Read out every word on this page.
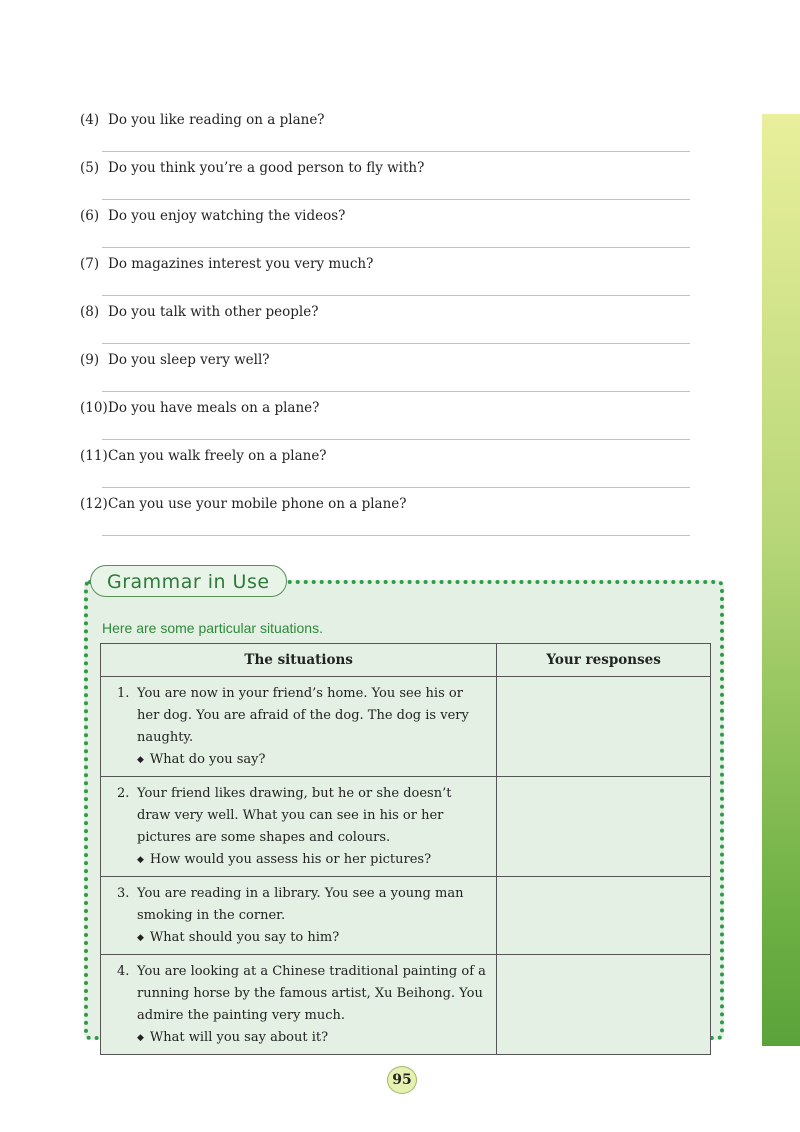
(4) Do you like reading on a plane?
(5) Do you think you’re a good person to fly with?
(6) Do you enjoy watching the videos?
(7) Do magazines interest you very much?
(8) Do you talk with other people?
(9) Do you sleep very well?
(10)Do you have meals on a plane?
(11)Can you walk freely on a plane?
(12)Can you use your mobile phone on a plane?
Grammar in Use
Here are some particular situations.
The situations	Your responses

1. You are now in your friend’s home. You see his or her dog. You are afraid of the dog. The dog is very naughty.
◆ What do you say?	

2. Your friend likes drawing, but he or she doesn’t draw very well. What you can see in his or her pictures are some shapes and colours.
◆ How would you assess his or her pictures?	

3. You are reading in a library. You see a young man smoking in the corner.
◆ What should you say to him?	

4. You are looking at a Chinese traditional painting of a running horse by the famous artist, Xu Beihong. You admire the painting very much.
◆ What will you say about it?	

95
